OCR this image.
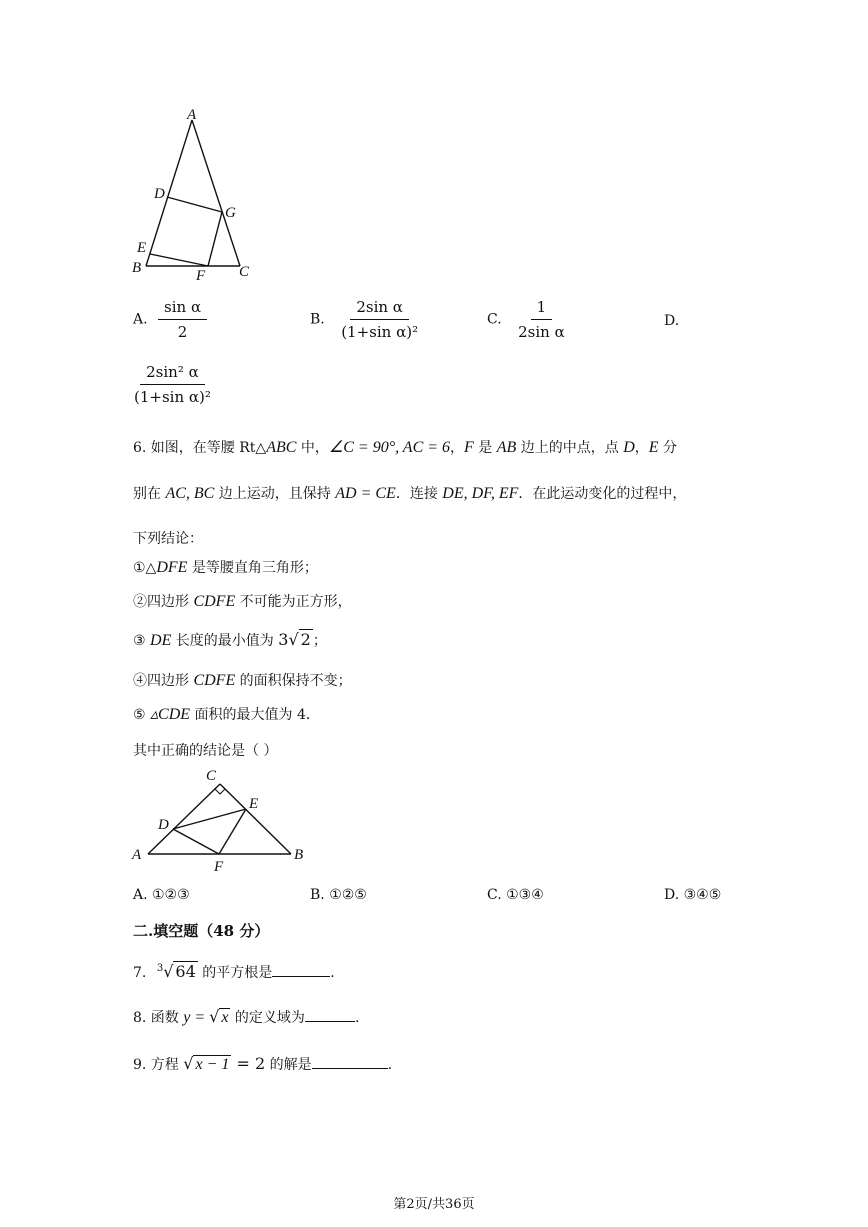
A
D
G
E
B	F C
A. $\frac{\text{sin α}}{2}$	B. $\frac{\text{2sin α}}{\text{(1+sin α)²}}$	C. $\frac{1}{\text{2sin α}}$	D.
$\frac{\text{2sin² α}}{\text{(1+sin α)²}}$
6. 如图，在等腰 Rt△ABC 中，∠C = 90°, AC = 6，F 是 AB 边上的中点，点 D，E 分
别在 AC, BC 边上运动，且保持 AD = CE．连接 DE, DF, EF．在此运动变化的过程中，
下列结论：
①△DFE 是等腰直角三角形；
②四边形 CDFE 不可能为正方形，
③ DE 长度的最小值为 3√ 2 ；
④四边形 CDFE 的面积保持不变；
⑤ ▵CDE 面积的最大值为 4．
其中正确的结论是（ ）
C
E
D
A	B
F
A. ①②③	B. ①②⑤	C. ①③④	D. ③④⑤
二.填空题（48 分）
7. $^3$√ 64 的平方根是	.
8. 函数 y = √ x 的定义域为	.
9. 方程 √ x − 1 = 2 的解是	.
第2页/共36页
